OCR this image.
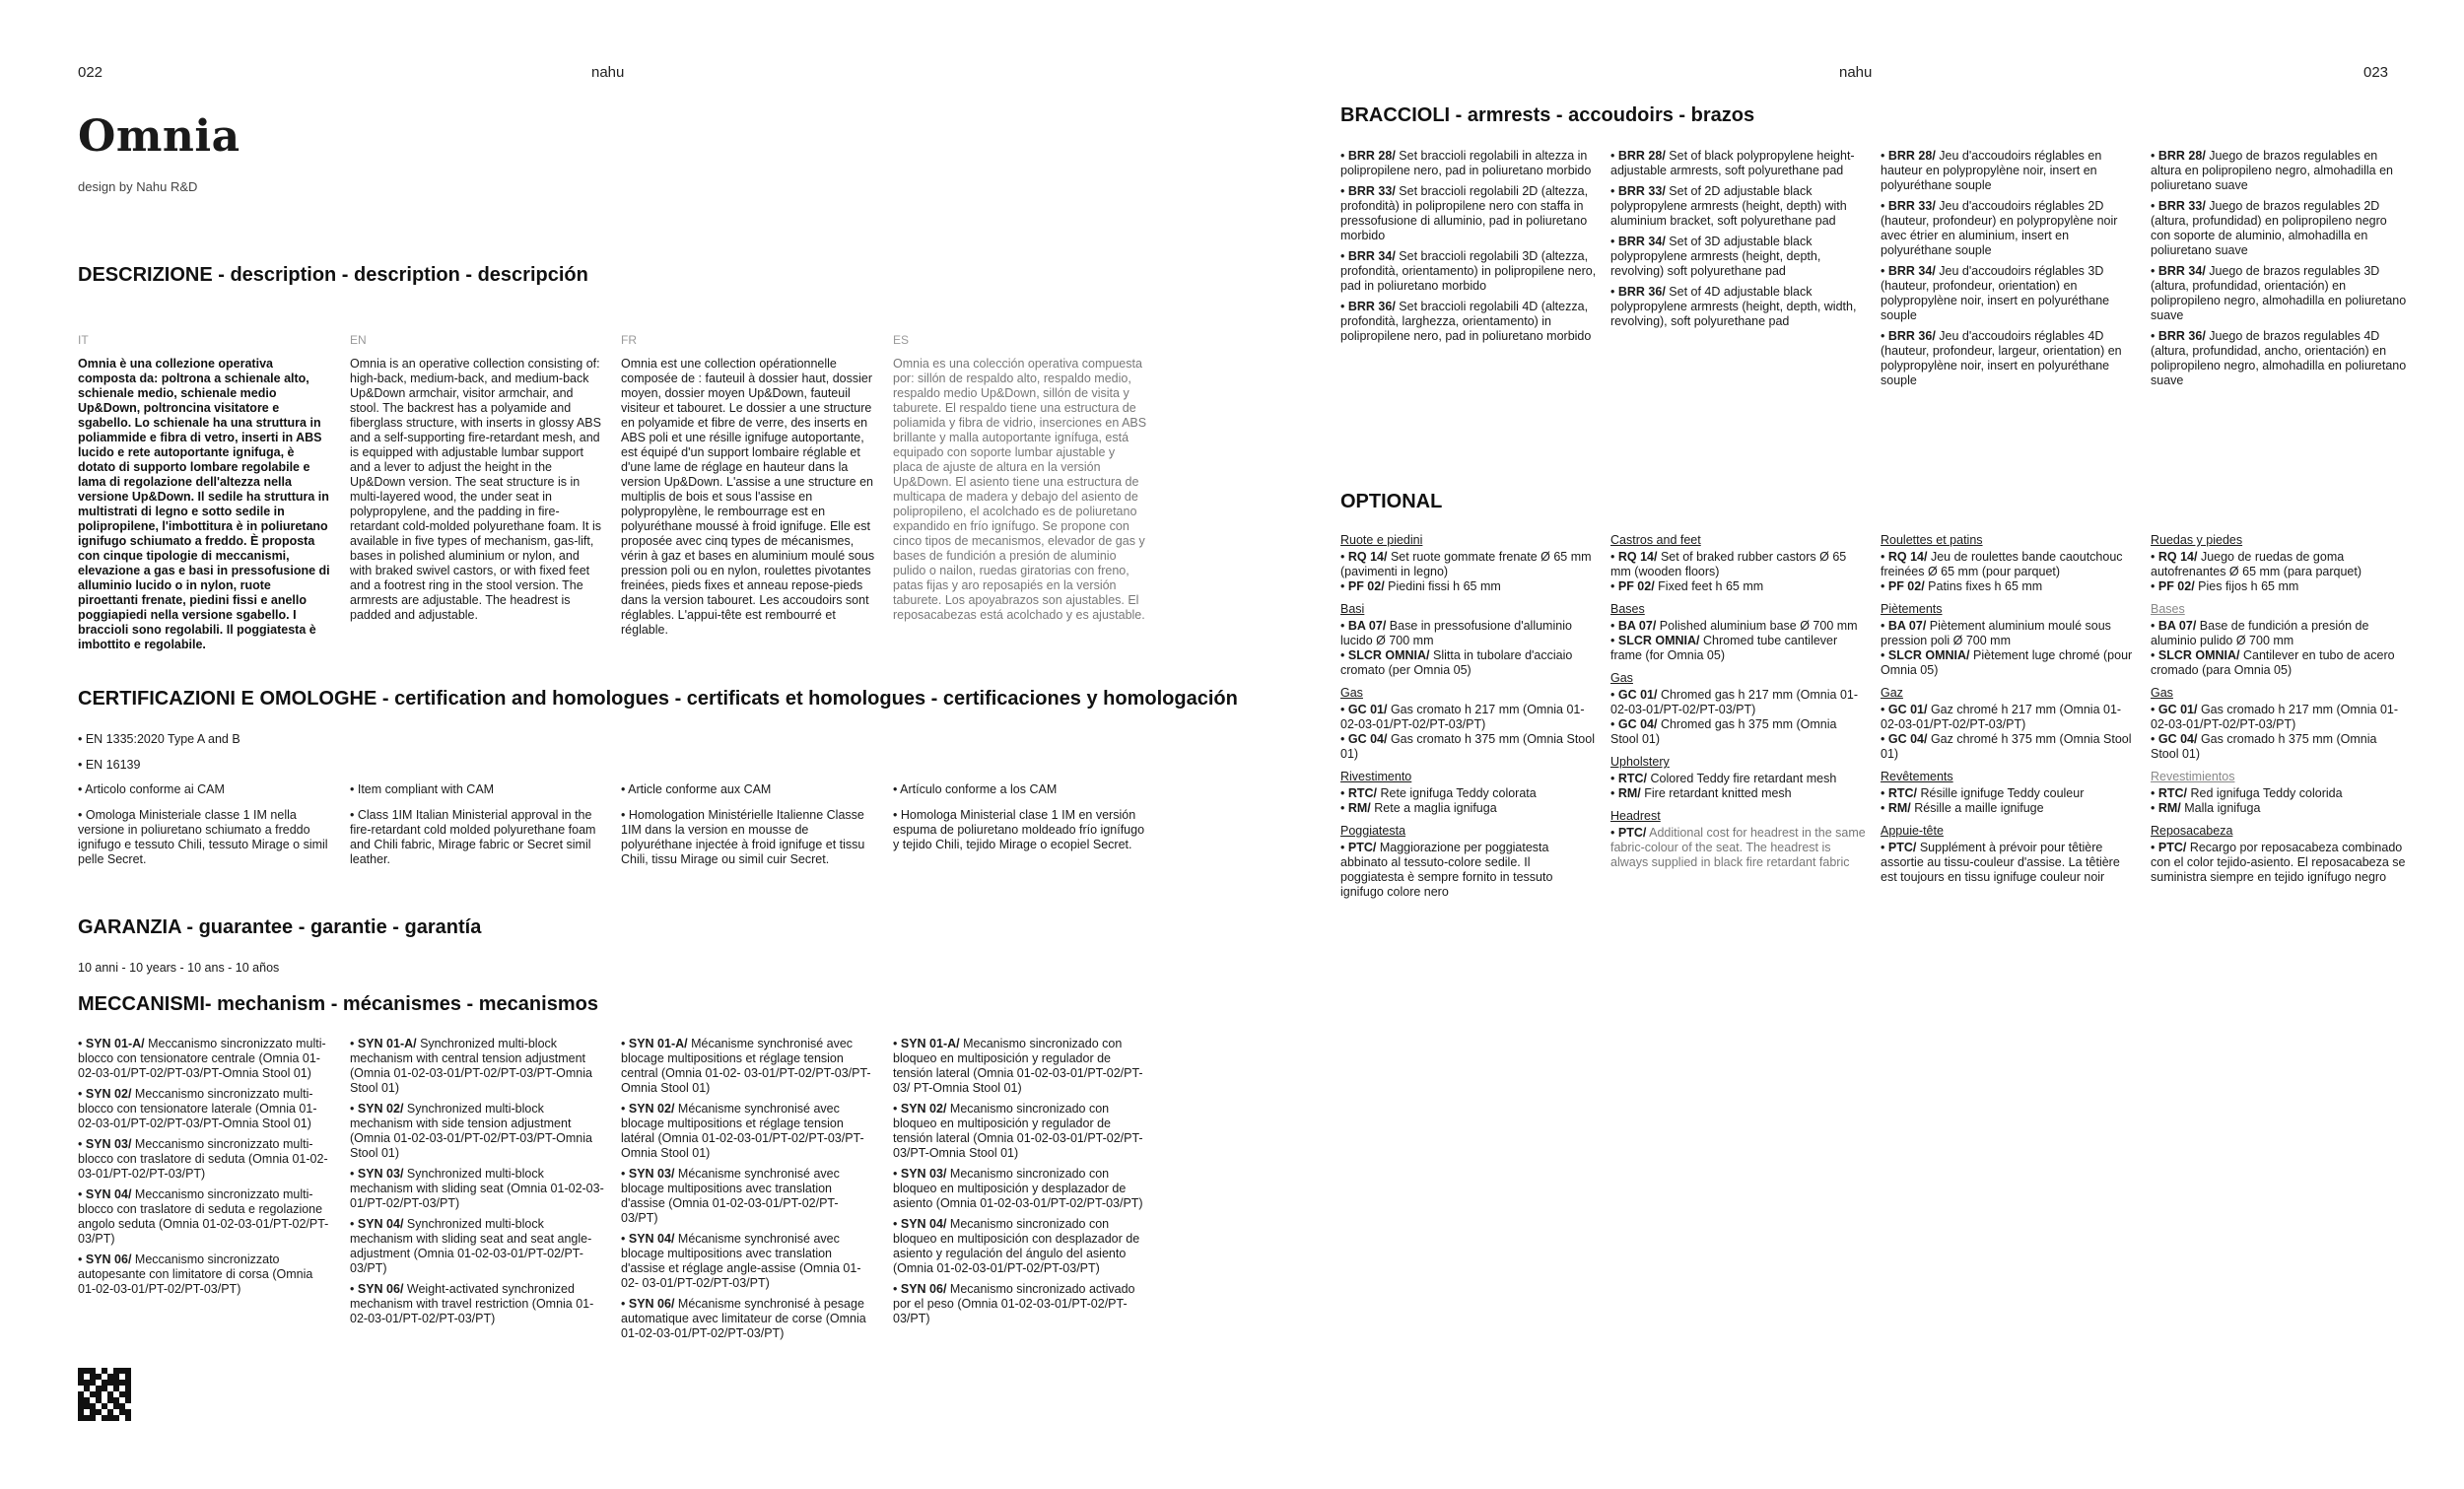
022	nahu
Omnia
design by Nahu R&D
DESCRIZIONE - description - description - descripción
IT	EN	FR	ES
Omnia è una collezione operativa composta da: poltrona a schienale alto, schienale medio, schienale medio Up&Down, poltroncina visitatore e sgabello. Lo schienale ha una struttura in poliammide e fibra di vetro, inserti in ABS lucido e rete autoportante ignifuga, è dotato di supporto lombare regolabile e lama di regolazione dell'altezza nella versione Up&Down. Il sedile ha struttura in multistrati di legno e sotto sedile in polipropilene, l'imbottitura è in poliuretano ignifugo schiumato a freddo. È proposta con cinque tipologie di meccanismi, elevazione a gas e basi in pressofusione di alluminio lucido o in nylon, ruote piroettanti frenate, piedini fissi e anello poggiapiedi nella versione sgabello. I braccioli sono regolabili. Il poggiatesta è imbottito e regolabile.
Omnia is an operative collection consisting of: high-back, medium-back, and medium-back Up&Down armchair, visitor armchair, and stool. The backrest has a polyamide and fiberglass structure, with inserts in glossy ABS and a self-supporting fire-retardant mesh, and is equipped with adjustable lumbar support and a lever to adjust the height in the Up&Down version. The seat structure is in multi-layered wood, the under seat in polypropylene, and the padding in fire-retardant cold-molded polyurethane foam. It is available in five types of mechanism, gas-lift, bases in polished aluminium or nylon, and with braked swivel castors, or with fixed feet and a footrest ring in the stool version. The armrests are adjustable. The headrest is padded and adjustable.
Omnia est une collection opérationnelle composée de : fauteuil à dossier haut, dossier moyen, dossier moyen Up&Down, fauteuil visiteur et tabouret. Le dossier a une structure en polyamide et fibre de verre, des inserts en ABS poli et une résille ignifuge autoportante, est équipé d'un support lombaire réglable et d'une lame de réglage en hauteur dans la version Up&Down. L'assise a une structure en multiplis de bois et sous l'assise en polypropylène, le rembourrage est en polyuréthane moussé à froid ignifuge. Elle est proposée avec cinq types de mécanismes, vérin à gaz et bases en aluminium moulé sous pression poli ou en nylon, roulettes pivotantes freinées, pieds fixes et anneau repose-pieds dans la version tabouret. Les accoudoirs sont réglables. L'appui-tête est rembourré et réglable.
Omnia es una colección operativa compuesta por: sillón de respaldo alto, respaldo medio, respaldo medio Up&Down, sillón de visita y taburete. El respaldo tiene una estructura de poliamida y fibra de vidrio, inserciones en ABS brillante y malla autoportante ignífuga, está equipado con soporte lumbar ajustable y placa de ajuste de altura en la versión Up&Down. El asiento tiene una estructura de multicapa de madera y debajo del asiento de polipropileno, el acolchado es de poliuretano expandido en frío ignífugo. Se propone con cinco tipos de mecanismos, elevador de gas y bases de fundición a presión de aluminio pulido o nailon, ruedas giratorias con freno, patas fijas y aro reposapiés en la versión taburete. Los apoyabrazos son ajustables. El reposacabezas está acolchado y es ajustable.
CERTIFICAZIONI E OMOLOGHE - certification and homologues - certificats et homologues - certificaciones y homologación
• EN 1335:2020 Type A and B
• EN 16139
• Articolo conforme ai CAM	• Item compliant with CAM	• Article conforme aux CAM	• Artículo conforme a los CAM
• Omologa Ministeriale classe 1 IM nella versione in poliuretano schiumato a freddo ignifugo e tessuto Chili, tessuto Mirage o simil pelle Secret.
• Class 1IM Italian Ministerial approval in the fire-retardant cold molded polyurethane foam and Chili fabric, Mirage fabric or Secret simil leather.
• Homologation Ministérielle Italienne Classe 1IM dans la version en mousse de polyuréthane injectée à froid ignifuge et tissu Chili, tissu Mirage ou simil cuir Secret.
• Homologa Ministerial clase 1 IM en versión espuma de poliuretano moldeado frío ignífugo y tejido Chili, tejido Mirage o ecopiel Secret.
GARANZIA - guarantee - garantie - garantía
10 anni - 10 years - 10 ans - 10 años
MECCANISMI- mechanism - mécanismes - mecanismos
• SYN 01-A/ Meccanismo sincronizzato multi-blocco con tensionatore centrale (Omnia 01-02-03-01/PT-02/PT-03/PT-Omnia Stool 01)
• SYN 02/ Meccanismo sincronizzato multi-blocco con tensionatore laterale (Omnia 01-02-03-01/PT-02/PT-03/PT-Omnia Stool 01)
• SYN 03/ Meccanismo sincronizzato multi-blocco con traslatore di seduta (Omnia 01-02-03-01/PT-02/PT-03/PT)
• SYN 04/ Meccanismo sincronizzato multi-blocco con traslatore di seduta e regolazione angolo seduta (Omnia 01-02-03-01/PT-02/PT-03/PT)
• SYN 06/ Meccanismo sincronizzato autopesante con limitatore di corsa (Omnia 01-02-03-01/PT-02/PT-03/PT)
• SYN 01-A/ Synchronized multi-block mechanism with central tension adjustment (Omnia 01-02-03-01/PT-02/PT-03/PT-Omnia Stool 01)
• SYN 02/ Synchronized multi-block mechanism with side tension adjustment (Omnia 01-02-03-01/PT-02/PT-03/PT-Omnia Stool 01)
• SYN 03/ Synchronized multi-block mechanism with sliding seat (Omnia 01-02-03-01/PT-02/PT-03/PT)
• SYN 04/ Synchronized multi-block mechanism with sliding seat and seat angle-adjustment (Omnia 01-02-03-01/PT-02/PT-03/PT)
• SYN 06/ Weight-activated synchronized mechanism with travel restriction (Omnia 01-02-03-01/PT-02/PT-03/PT)
• SYN 01-A/ Mécanisme synchronisé avec blocage multipositions et réglage tension central (Omnia 01-02- 03-01/PT-02/PT-03/PT-Omnia Stool 01)
• SYN 02/ Mécanisme synchronisé avec blocage multipositions et réglage tension latéral (Omnia 01-02-03-01/PT-02/PT-03/PT-Omnia Stool 01)
• SYN 03/ Mécanisme synchronisé avec blocage multipositions avec translation d'assise (Omnia 01-02-03-01/PT-02/PT-03/PT)
• SYN 04/ Mécanisme synchronisé avec blocage multipositions avec translation d'assise et réglage angle-assise (Omnia 01-02- 03-01/PT-02/PT-03/PT)
• SYN 06/ Mécanisme synchronisé à pesage automatique avec limitateur de corse (Omnia 01-02-03-01/PT-02/PT-03/PT)
• SYN 01-A/ Mecanismo sincronizado con bloqueo en multiposición y regulador de tensión lateral (Omnia 01-02-03-01/PT-02/PT-03/ PT-Omnia Stool 01)
• SYN 02/ Mecanismo sincronizado con bloqueo en multiposición y regulador de tensión lateral (Omnia 01-02-03-01/PT-02/PT-03/PT-Omnia Stool 01)
• SYN 03/ Mecanismo sincronizado con bloqueo en multiposición y desplazador de asiento (Omnia 01-02-03-01/PT-02/PT-03/PT)
• SYN 04/ Mecanismo sincronizado con bloqueo en multiposición con desplazador de asiento y regulación del ángulo del asiento (Omnia 01-02-03-01/PT-02/PT-03/PT)
• SYN 06/ Mecanismo sincronizado activado por el peso (Omnia 01-02-03-01/PT-02/PT-03/PT)
nahu	023
BRACCIOLI - armrests - accoudoirs - brazos
• BRR 28/ Set braccioli regolabili in altezza in polipropilene nero, pad in poliuretano morbido
• BRR 33/ Set braccioli regolabili 2D (altezza, profondità) in polipropilene nero con staffa in pressofusione di alluminio, pad in poliuretano morbido
• BRR 34/ Set braccioli regolabili 3D (altezza, profondità, orientamento) in polipropilene nero, pad in poliuretano morbido
• BRR 36/ Set braccioli regolabili 4D (altezza, profondità, larghezza, orientamento) in polipropilene nero, pad in poliuretano morbido
• BRR 28/ Set of black polypropylene height-adjustable armrests, soft polyurethane pad
• BRR 33/ Set of 2D adjustable black polypropylene armrests (height, depth) with aluminium bracket, soft polyurethane pad
• BRR 34/ Set of 3D adjustable black polypropylene armrests (height, depth, revolving) soft polyurethane pad
• BRR 36/ Set of 4D adjustable black polypropylene armrests (height, depth, width, revolving), soft polyurethane pad
• BRR 28/ Jeu d'accoudoirs réglables en hauteur en polypropylène noir, insert en polyuréthane souple
• BRR 33/ Jeu d'accoudoirs réglables 2D (hauteur, profondeur) en polypropylène noir avec étrier en aluminium, insert en polyuréthane souple
• BRR 34/ Jeu d'accoudoirs réglables 3D (hauteur, profondeur, orientation) en polypropylène noir, insert en polyuréthane souple
• BRR 36/ Jeu d'accoudoirs réglables 4D (hauteur, profondeur, largeur, orientation) en polypropylène noir, insert en polyuréthane souple
• BRR 28/ Juego de brazos regulables en altura en polipropileno negro, almohadilla en poliuretano suave
• BRR 33/ Juego de brazos regulables 2D (altura, profundidad) en polipropileno negro con soporte de aluminio, almohadilla en poliuretano suave
• BRR 34/ Juego de brazos regulables 3D (altura, profundidad, orientación) en polipropileno negro, almohadilla en poliuretano suave
• BRR 36/ Juego de brazos regulables 4D (altura, profundidad, ancho, orientación) en polipropileno negro, almohadilla en poliuretano suave
OPTIONAL
Ruote e piedini
• RQ 14/ Set ruote gommate frenate Ø 65 mm (pavimenti in legno)
• PF 02/ Piedini fissi h 65 mm
Basi
• BA 07/ Base in pressofusione d'alluminio lucido Ø 700 mm
• SLCR OMNIA/ Slitta in tubolare d'acciaio cromato (per Omnia 05)
Gas
• GC 01/ Gas cromato h 217 mm (Omnia 01-02-03-01/PT-02/PT-03/PT)
• GC 04/ Gas cromato h 375 mm (Omnia Stool 01)
Rivestimento
• RTC/ Rete ignifuga Teddy colorata
• RM/ Rete a maglia ignifuga
Poggiatesta
• PTC/ Maggiorazione per poggiatesta abbinato al tessuto-colore sedile. Il poggiatesta è sempre fornito in tessuto ignifugo colore nero
Castros and feet
• RQ 14/ Set of braked rubber castors Ø 65 mm (wooden floors)
• PF 02/ Fixed feet h 65 mm
Bases
• BA 07/ Polished aluminium base Ø 700 mm
• SLCR OMNIA/ Chromed tube cantilever frame (for Omnia 05)
Gas
• GC 01/ Chromed gas h 217 mm (Omnia 01-02-03-01/PT-02/PT-03/PT)
• GC 04/ Chromed gas h 375 mm (Omnia Stool 01)
Upholstery
• RTC/ Colored Teddy fire retardant mesh
• RM/ Fire retardant knitted mesh
Headrest
• PTC/ Additional cost for headrest in the same fabric-colour of the seat. The headrest is always supplied in black fire retardant fabric
Roulettes et patins
• RQ 14/ Jeu de roulettes bande caoutchouc freinées Ø 65 mm (pour parquet)
• PF 02/ Patins fixes h 65 mm
Piètements
• BA 07/ Piètement aluminium moulé sous pression poli Ø 700 mm
• SLCR OMNIA/ Piètement luge chromé (pour Omnia 05)
Gaz
• GC 01/ Gaz chromé h 217 mm (Omnia 01-02-03-01/PT-02/PT-03/PT)
• GC 04/ Gaz chromé h 375 mm (Omnia Stool 01)
Revêtements
• RTC/ Résille ignifuge Teddy couleur
• RM/ Résille a maille ignifuge
Appuie-tête
• PTC/ Supplément à prévoir pour têtière assortie au tissu-couleur d'assise. La têtière est toujours en tissu ignifuge couleur noir
Ruedas y piedes
• RQ 14/ Juego de ruedas de goma autofrenantes Ø 65 mm (para parquet)
• PF 02/ Pies fijos h 65 mm
Bases
• BA 07/ Base de fundición a presión de aluminio pulido Ø 700 mm
• SLCR OMNIA/ Cantilever en tubo de acero cromado (para Omnia 05)
Gas
• GC 01/ Gas cromado h 217 mm (Omnia 01-02-03-01/PT-02/PT-03/PT)
• GC 04/ Gas cromado h 375 mm (Omnia Stool 01)
Revestimientos
• RTC/ Red ignifuga Teddy colorida
• RM/ Malla ignifuga
Reposacabeza
• PTC/ Recargo por reposacabeza combinado con el color tejido-asiento. El reposacabeza se suministra siempre en tejido ignífugo negro
